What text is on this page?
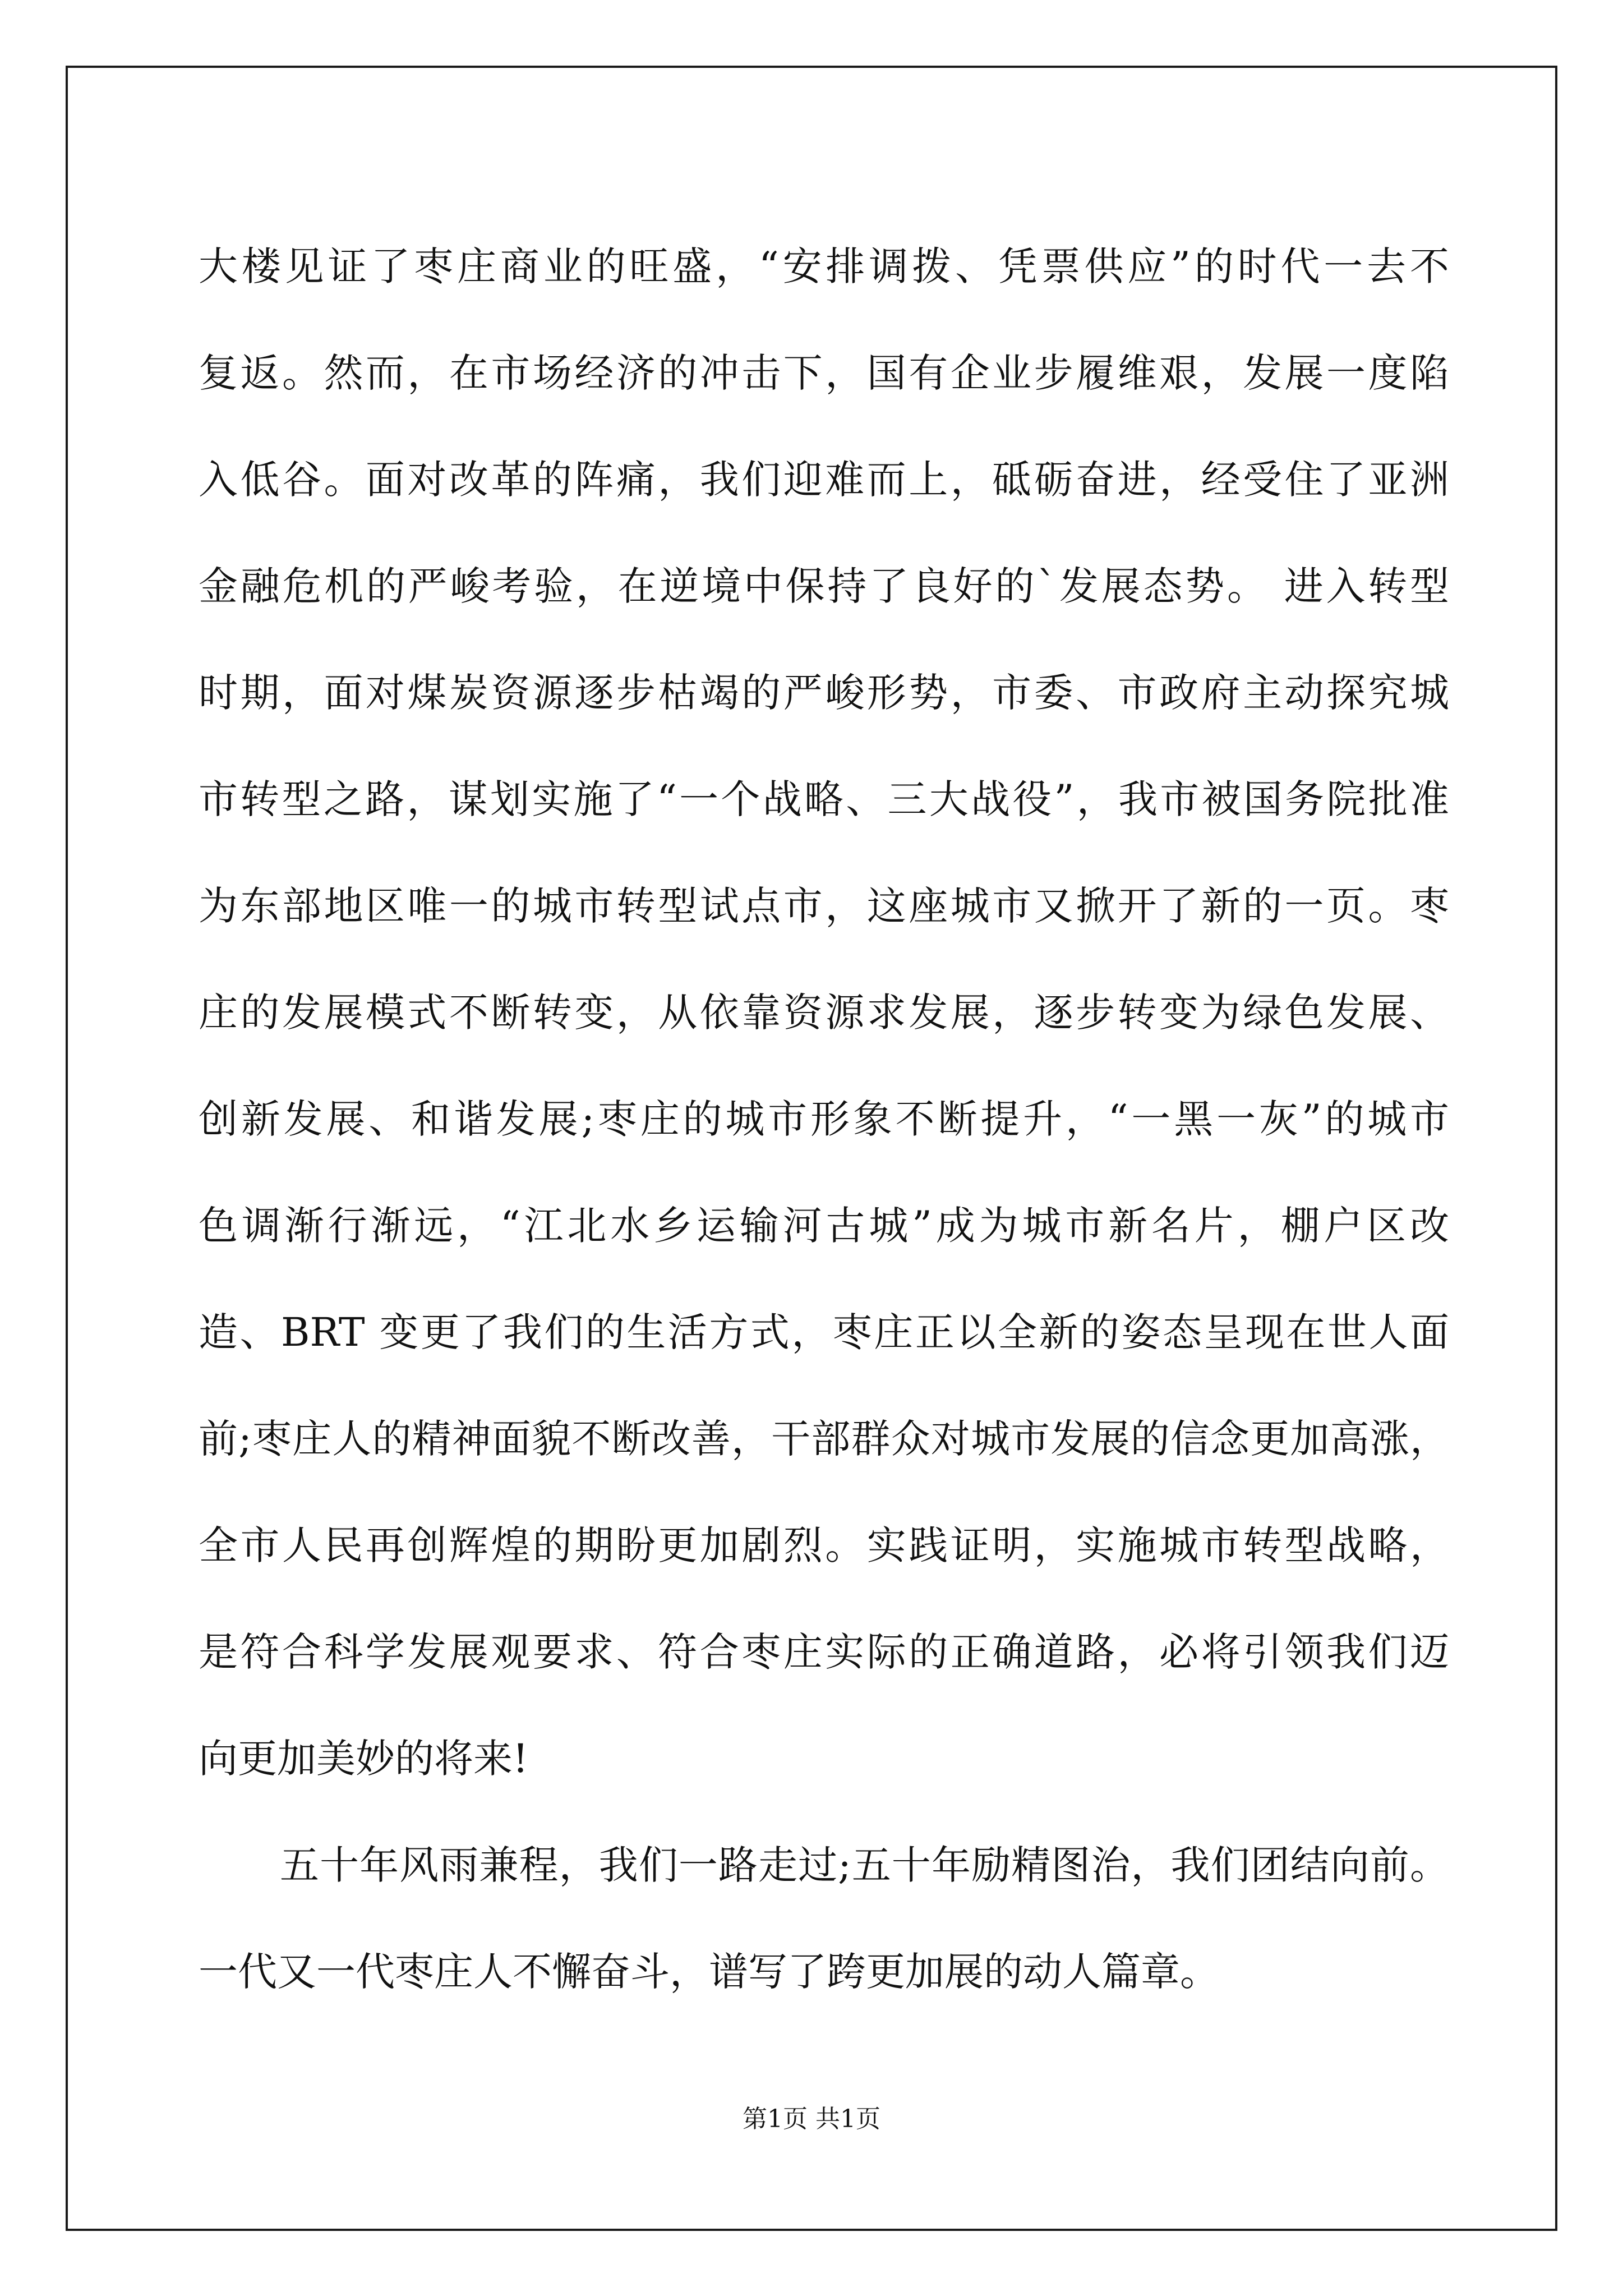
大楼见证了枣庄商业的旺盛，“安排调拨、凭票供应”的时代一去不
复返。然而，在市场经济的冲击下，国有企业步履维艰，发展一度陷
入低谷。面对改革的阵痛，我们迎难而上，砥砺奋进，经受住了亚洲
金融危机的严峻考验，在逆境中保持了良好的`发展态势。 进入转型
时期，面对煤炭资源逐步枯竭的严峻形势，市委、市政府主动探究城
市转型之路，谋划实施了“一个战略、三大战役”，我市被国务院批准
为东部地区唯一的城市转型试点市，这座城市又掀开了新的一页。枣
庄的发展模式不断转变，从依靠资源求发展，逐步转变为绿色发展、
创新发展、和谐发展;枣庄的城市形象不断提升，“一黑一灰”的城市
色调渐行渐远，“江北水乡运输河古城”成为城市新名片，棚户区改
造、BRT 变更了我们的生活方式，枣庄正以全新的姿态呈现在世人面
前;枣庄人的精神面貌不断改善，干部群众对城市发展的信念更加高涨，
全市人民再创辉煌的期盼更加剧烈。实践证明，实施城市转型战略，
是符合科学发展观要求、符合枣庄实际的正确道路，必将引领我们迈
向更加美妙的将来!
五十年风雨兼程，我们一路走过;五十年励精图治，我们团结向前。
一代又一代枣庄人不懈奋斗，谱写了跨更加展的动人篇章。
第1页 共1页
